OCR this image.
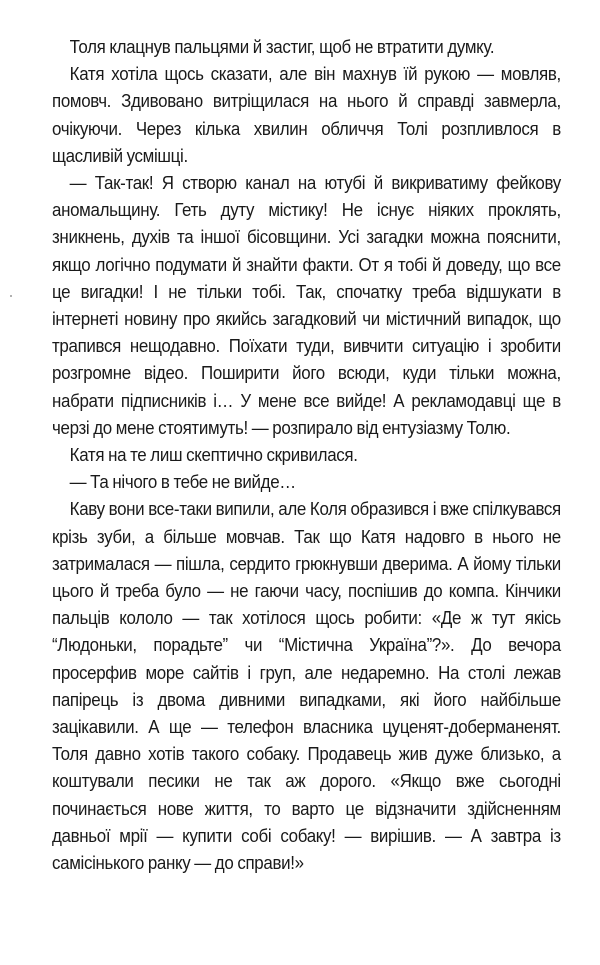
Толя клацнув пальцями й застиг, щоб не втратити думку.

Катя хотіла щось сказати, але він махнув їй рукою — мовляв, помовч. Здивовано витріщилася на нього й справді завмерла, очікуючи. Через кілька хвилин обличчя Толі розпливлося в щасливій усмішці.

— Так-так! Я створю канал на ютубі й викриватиму фейкову аномальщину. Геть дуту містику! Не існує ніяких проклять, зникнень, духів та іншої бісовщини. Усі загадки можна пояснити, якщо логічно подумати й знайти факти. От я тобі й доведу, що все це вигадки! І не тільки тобі. Так, спочатку треба відшукати в інтернеті новину про якийсь загадковий чи містичний випадок, що трапився нещодавно. Поїхати туди, вивчити ситуацію і зробити розгромне відео. Поширити його всюди, куди тільки можна, набрати підписників і… У мене все вийде! А рекламодавці ще в черзі до мене стоятимуть! — розпирало від ентузіазму Толю.

Катя на те лиш скептично скривилася.

— Та нічого в тебе не вийде…

Каву вони все-таки випили, але Коля образився і вже спілкувався крізь зуби, а більше мовчав. Так що Катя надовго в нього не затрималася — пішла, сердито грюкнувши дверима. А йому тільки цього й треба було — не гаючи часу, поспішив до компа. Кінчики пальців кололо — так хотілося щось робити: «Де ж тут якісь “Людоньки, порадьте” чи “Містична Україна”?». До вечора просерфив море сайтів і груп, але недаремно. На столі лежав папірець із двома дивними випадками, які його найбільше зацікавили. А ще — телефон власника цуценят-доберманенят. Толя давно хотів такого собаку. Продавець жив дуже близько, а коштували песики не так аж дорого. «Якщо вже сьогодні починається нове життя, то варто це відзначити здійсненням давньої мрії — купити собі собаку! — вирішив. — А завтра із самісінького ранку — до справи!»
